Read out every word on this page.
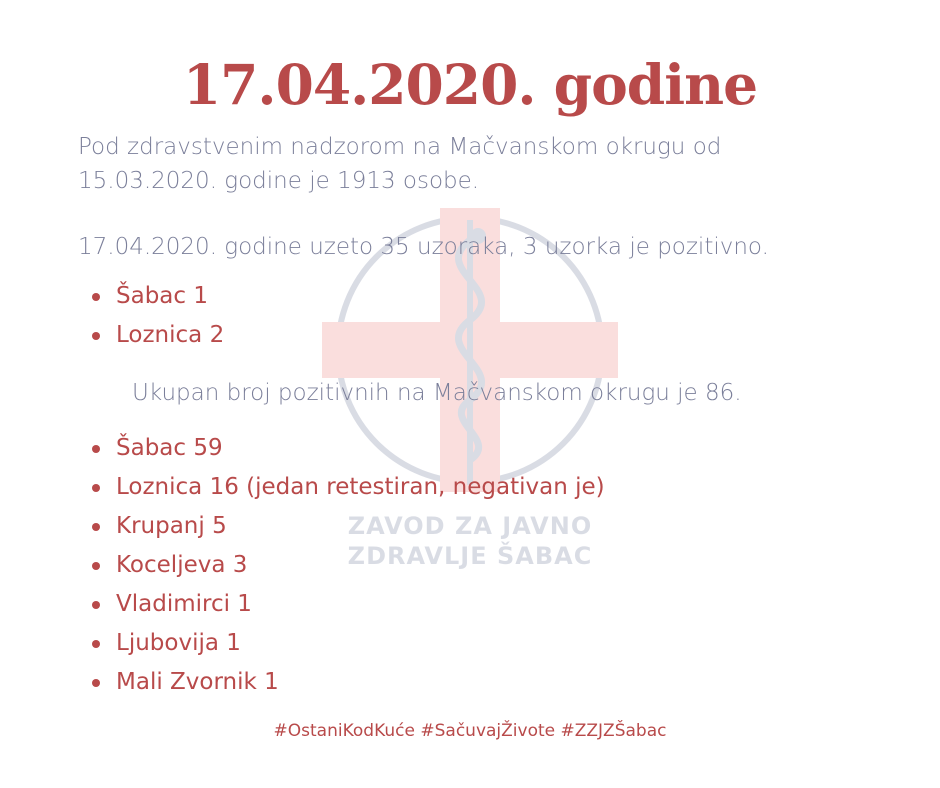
ZAVOD ZA JAVNO
ZDRAVLJE ŠABAC
17.04.2020. godine

Pod zdravstvenim nadzorom na Mačvanskom okrugu od 15.03.2020. godine je 1913 osobe.

17.04.2020. godine uzeto 35 uzoraka, 3 uzorka je pozitivno.

Šabac 1
Loznica 2

Ukupan broj pozitivnih na Mačvanskom okrugu je 86.

Šabac 59
Loznica 16 (jedan retestiran, negativan je)
Krupanj 5
Koceljeva 3
Vladimirci 1
Ljubovija 1
Mali Zvornik 1
#OstaniKodKuće #SačuvajŽivote #ZZJZŠabac
